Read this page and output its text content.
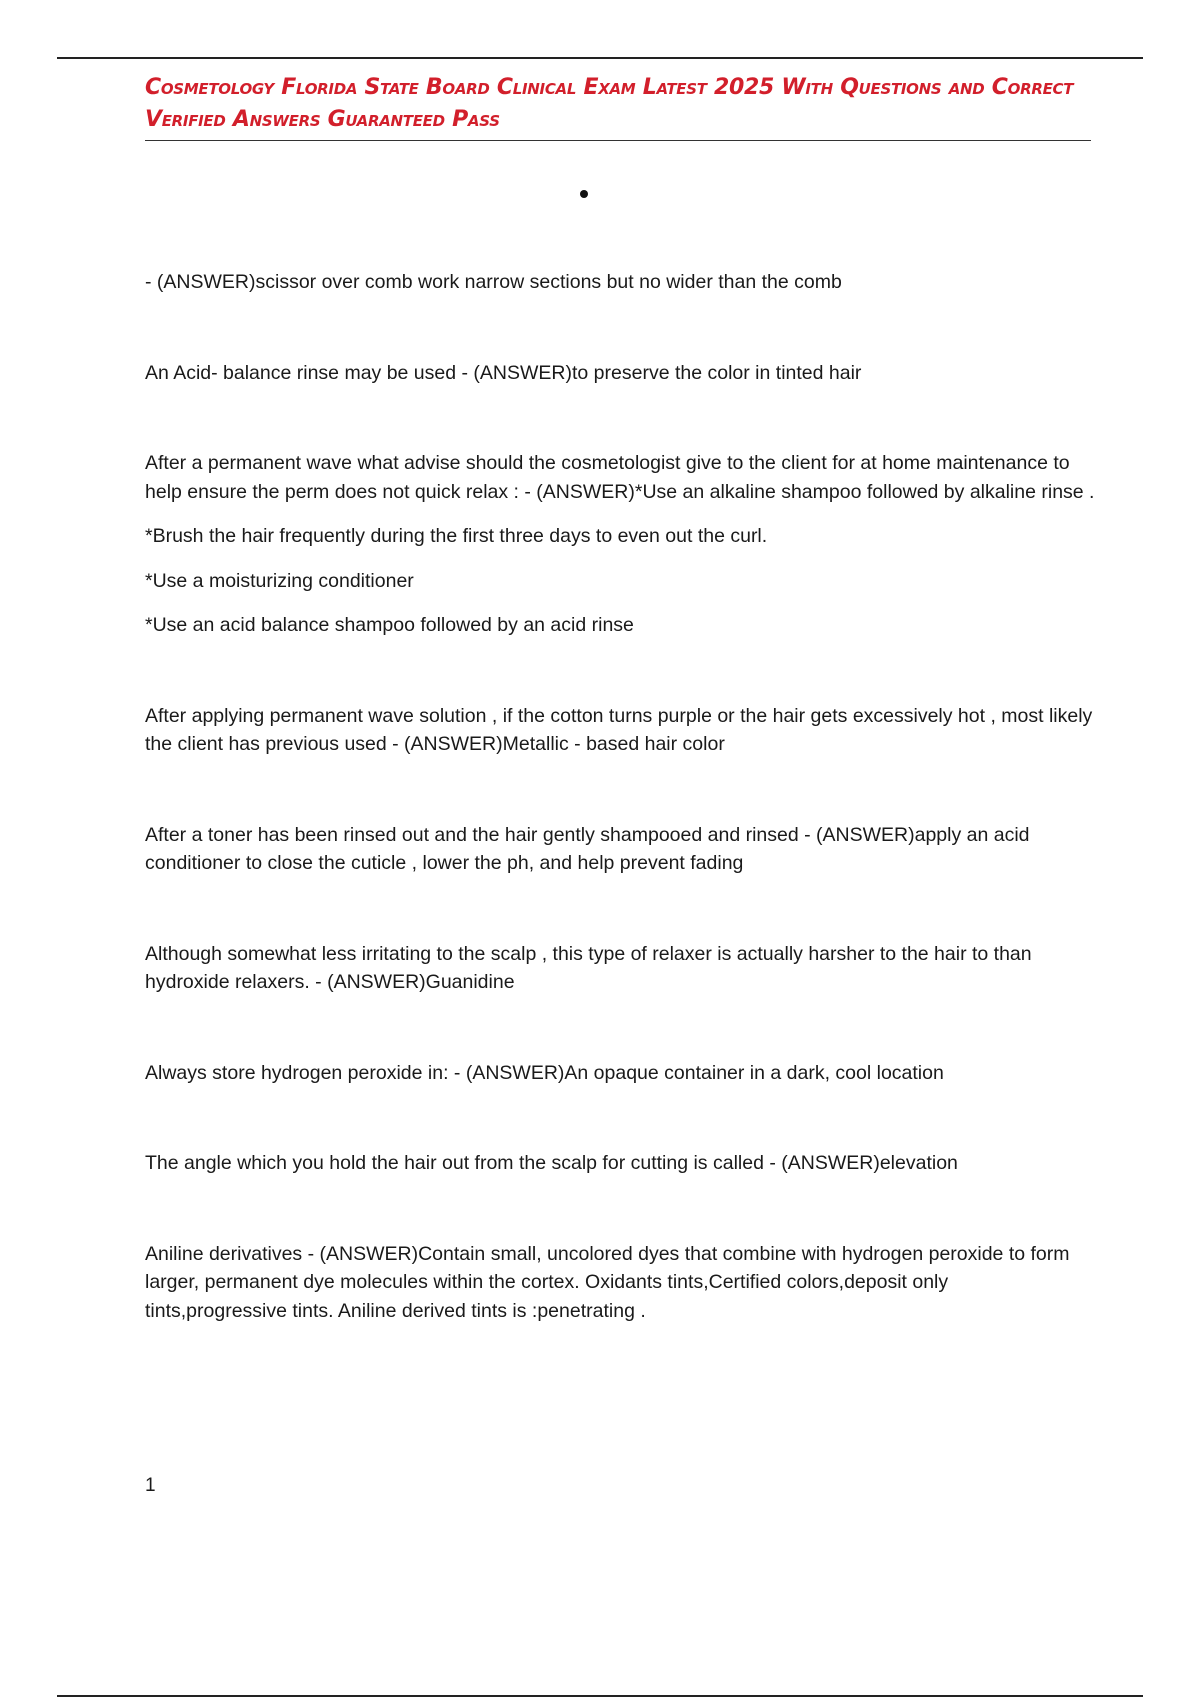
Cosmetology Florida State Board Clinical Exam Latest 2025 With Questions and Correct Verified Answers Guaranteed Pass

- (ANSWER)scissor over comb work narrow sections but no wider than the comb

An Acid- balance rinse may be used - (ANSWER)to preserve the color in tinted hair

After a permanent wave what advise should the cosmetologist give to the client for at home maintenance to help ensure the perm does not quick relax : - (ANSWER)*Use an alkaline shampoo followed by alkaline rinse .

*Brush the hair frequently during the first three days to even out the curl.

*Use a moisturizing conditioner

*Use an acid balance shampoo followed by an acid rinse

After applying permanent wave solution , if the cotton turns purple or the hair gets excessively hot , most likely the client has previous used - (ANSWER)Metallic - based hair color

After a toner has been rinsed out and the hair gently shampooed and rinsed - (ANSWER)apply an acid conditioner to close the cuticle , lower the ph, and help prevent fading

Although somewhat less irritating to the scalp , this type of relaxer is actually harsher to the hair to than hydroxide relaxers. - (ANSWER)Guanidine

Always store hydrogen peroxide in: - (ANSWER)An opaque container in a dark, cool location

The angle which you hold the hair out from the scalp for cutting is called - (ANSWER)elevation

Aniline derivatives - (ANSWER)Contain small, uncolored dyes that combine with hydrogen peroxide to form larger, permanent dye molecules within the cortex. Oxidants tints,Certified colors,deposit only tints,progressive tints. Aniline derived tints is :penetrating .

1
